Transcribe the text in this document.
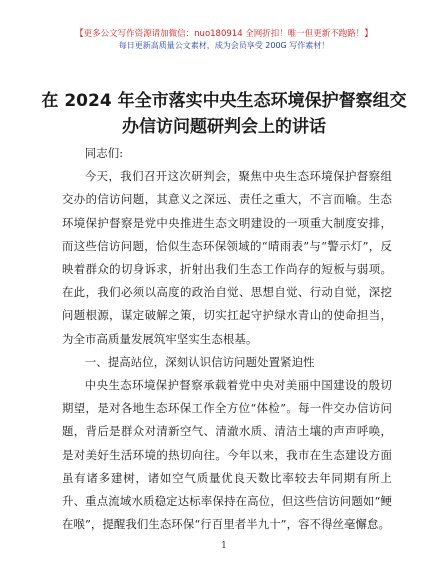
【更多公文写作资源请加微信：nuo180914 全网折扣！唯一但更新不跑路！】
每日更新高质量公文素材，成为会员享受 200G 写作素材！
在 2024 年全市落实中央生态环境保护督察组交办信访问题研判会上的讲话

同志们:

今天，我们召开这次研判会，聚焦中央生态环境保护督察组交办的信访问题，其意义之深远、责任之重大，不言而喻。生态环境保护督察是党中央推进生态文明建设的一项重大制度安排，而这些信访问题，恰似生态环保领域的“晴雨表”与“警示灯”，反映着群众的切身诉求，折射出我们生态工作尚存的短板与弱项。在此，我们必须以高度的政治自觉、思想自觉、行动自觉，深挖问题根源，谋定破解之策，切实扛起守护绿水青山的使命担当，为全市高质量发展筑牢坚实生态根基。

一、提高站位，深刻认识信访问题处置紧迫性

中央生态环境保护督察承载着党中央对美丽中国建设的殷切期望，是对各地生态环保工作全方位“体检”。每一件交办信访问题，背后是群众对清新空气、清澈水质、清洁土壤的声声呼唤，是对美好生活环境的热切向往。今年以来，我市在生态建设方面虽有诸多建树，诸如空气质量优良天数比率较去年同期有所上升、重点流域水质稳定达标率保持在高位，但这些信访问题如“鲠在喉”，提醒我们生态环保“行百里者半九十”，容不得丝毫懈怠。

1
